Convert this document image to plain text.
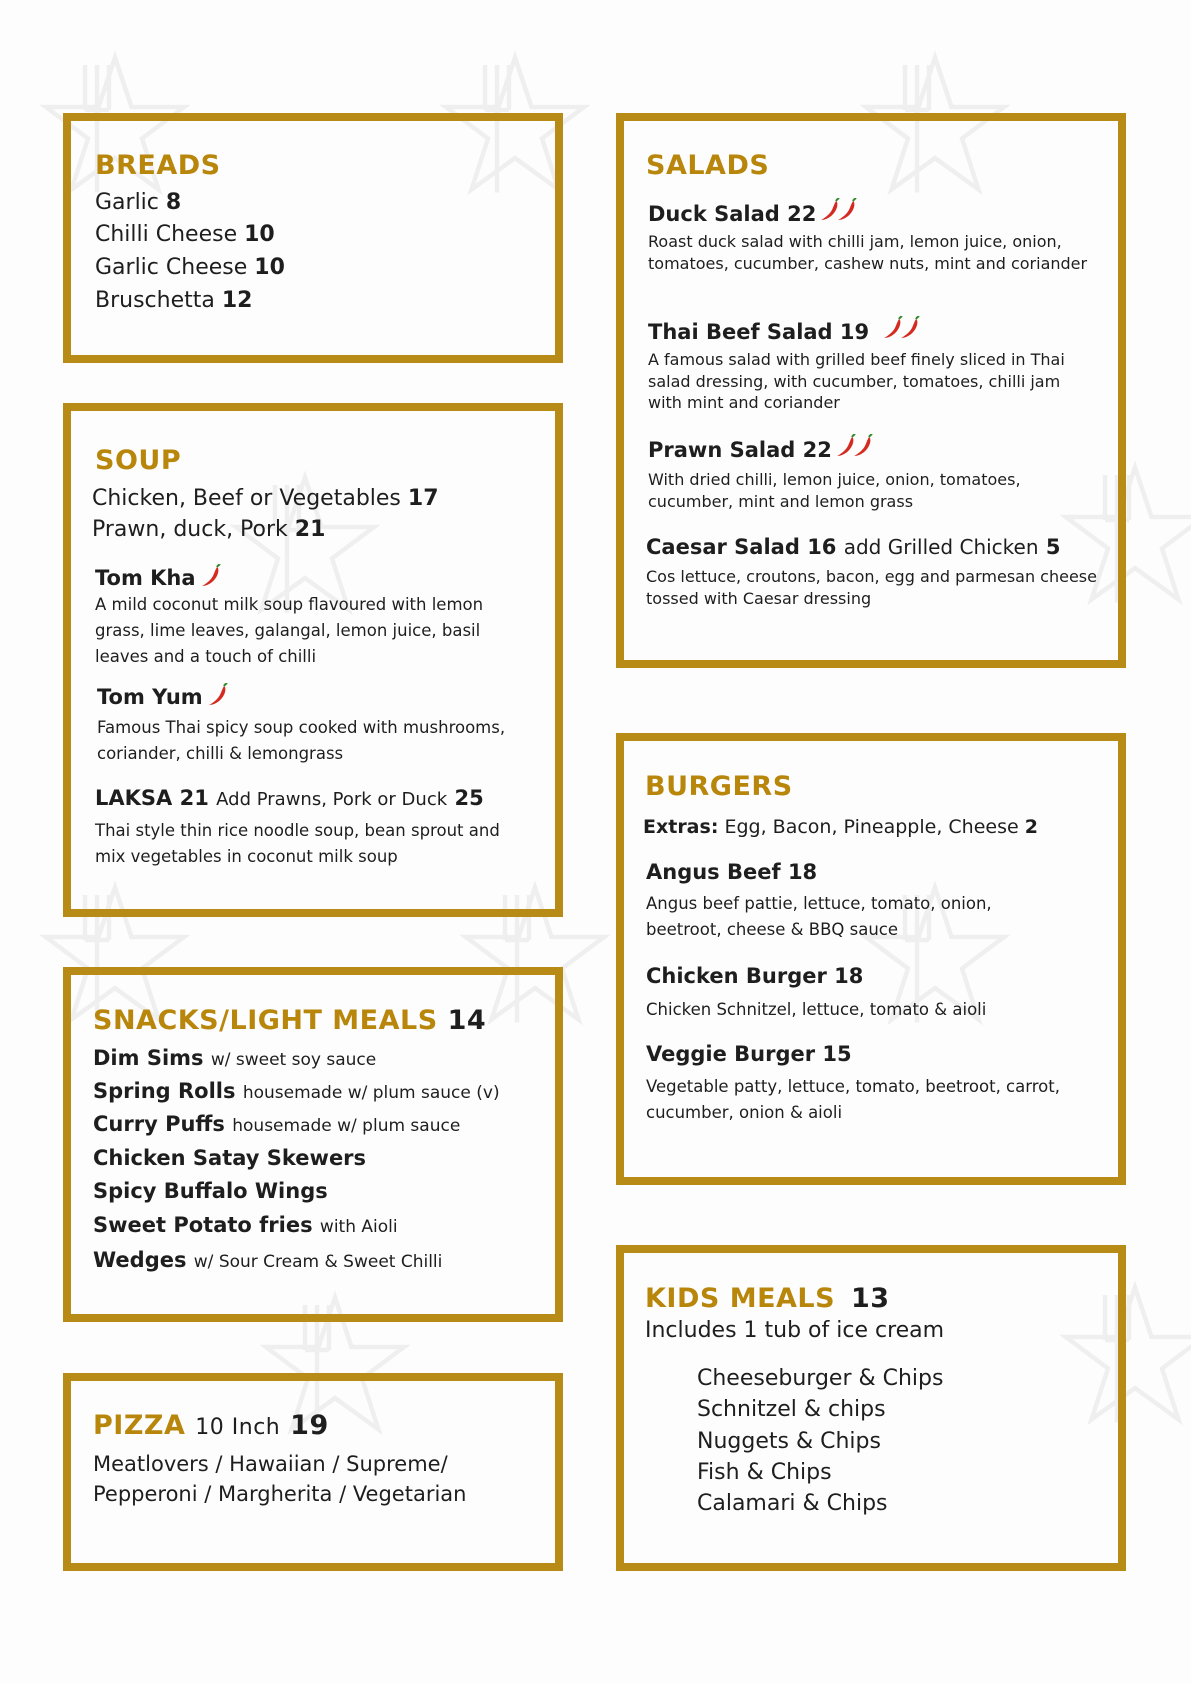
BREADS

Garlic 8

Chilli Cheese 10

Garlic Cheese 10

Bruschetta 12

SOUP

Chicken, Beef or Vegetables 17

Prawn, duck, Pork 21

Tom Kha

A mild coconut milk soup flavoured with lemon grass, lime leaves, galangal, lemon juice, basil leaves and a touch of chilli

Tom Yum

Famous Thai spicy soup cooked with mushrooms, coriander, chilli & lemongrass

LAKSA 21 Add Prawns, Pork or Duck 25

Thai style thin rice noodle soup, bean sprout and mix vegetables in coconut milk soup

SNACKS/LIGHT MEALS 14

Dim Sims w/ sweet soy sauce

Spring Rolls housemade w/ plum sauce (v)

Curry Puffs housemade w/ plum sauce

Chicken Satay Skewers

Spicy Buffalo Wings

Sweet Potato fries with Aioli

Wedges w/ Sour Cream & Sweet Chilli

PIZZA 10 Inch 19

Meatlovers / Hawaiian / Supreme/

Pepperoni / Margherita / Vegetarian

SALADS

Duck Salad 22

Roast duck salad with chilli jam, lemon juice, onion, tomatoes, cucumber, cashew nuts, mint and coriander

Thai Beef Salad 19

A famous salad with grilled beef finely sliced in Thai salad dressing, with cucumber, tomatoes, chilli jam with mint and coriander

Prawn Salad 22

With dried chilli, lemon juice, onion, tomatoes, cucumber, mint and lemon grass

Caesar Salad 16 add Grilled Chicken 5

Cos lettuce, croutons, bacon, egg and parmesan cheese tossed with Caesar dressing

BURGERS

Extras: Egg, Bacon, Pineapple, Cheese 2

Angus Beef 18

Angus beef pattie, lettuce, tomato, onion, beetroot, cheese & BBQ sauce

Chicken Burger 18

Chicken Schnitzel, lettuce, tomato & aioli

Veggie Burger 15

Vegetable patty, lettuce, tomato, beetroot, carrot, cucumber, onion & aioli

KIDS MEALS 13

Includes 1 tub of ice cream

Cheeseburger & Chips

Schnitzel & chips

Nuggets & Chips

Fish & Chips

Calamari & Chips
